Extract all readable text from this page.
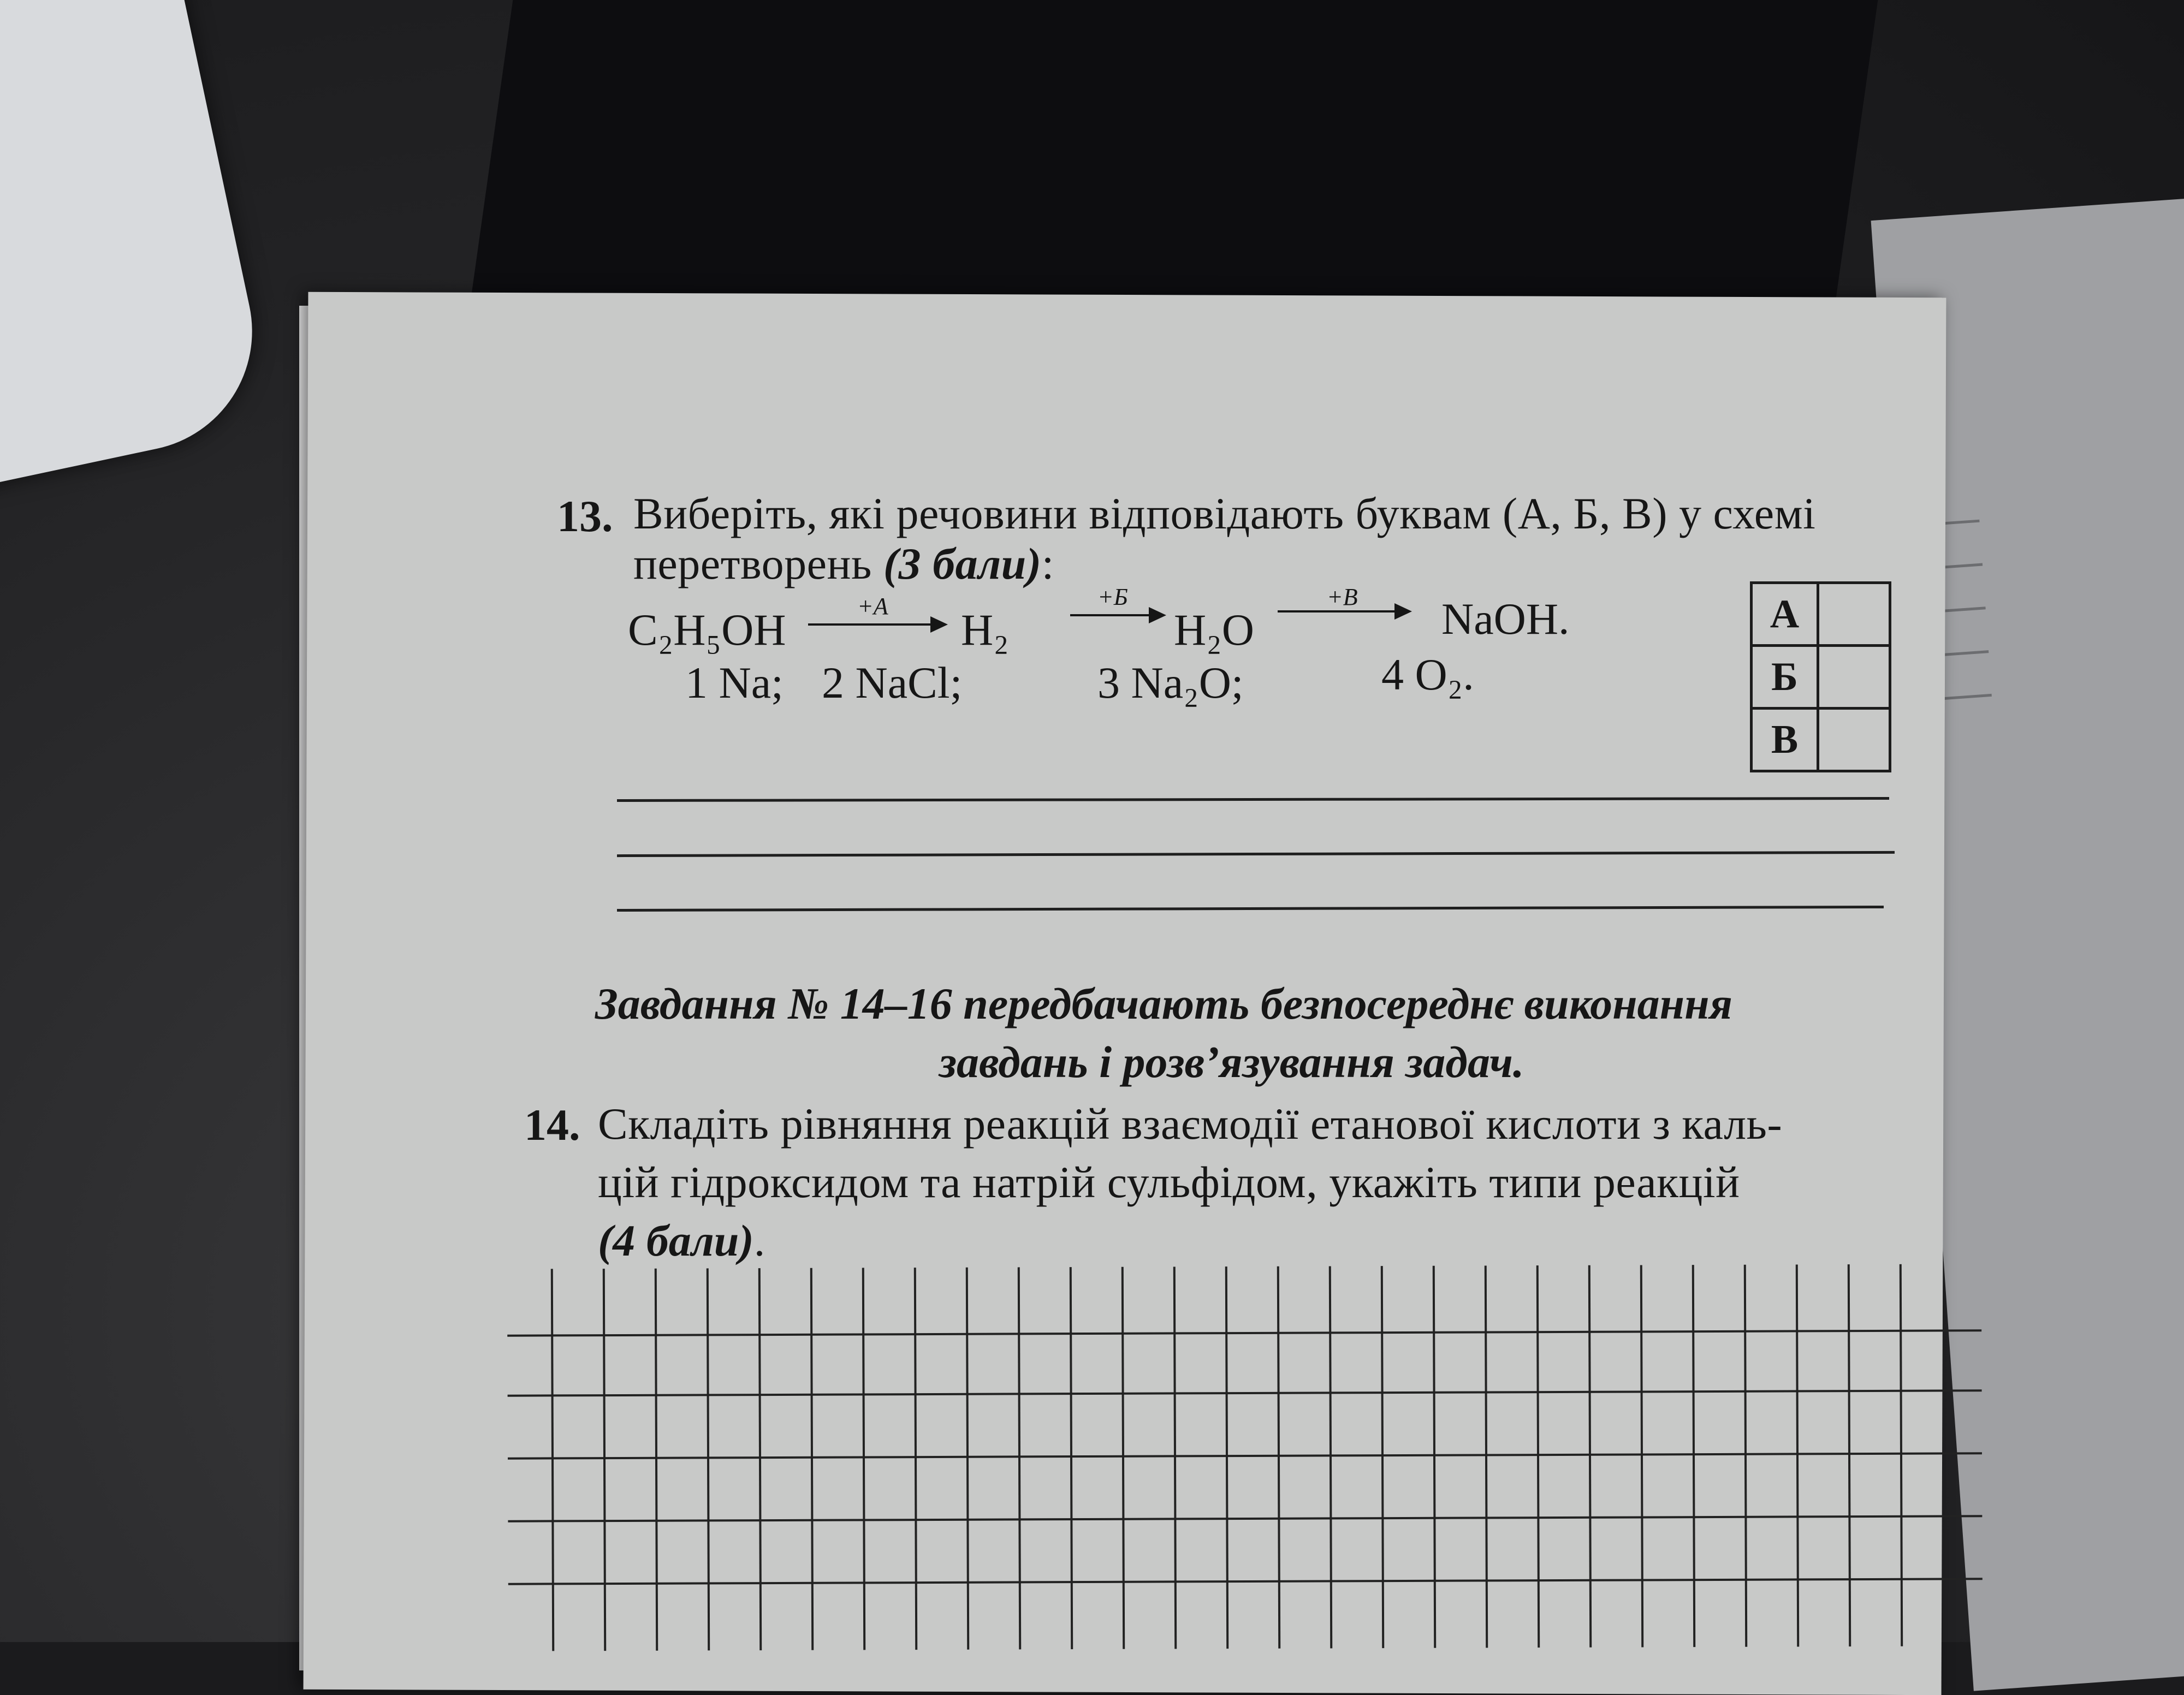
13. Виберіть, які речовини відповідають буквам (А, Б, В) у схемі
перетворень (3 бали):
C₂H₅OH	+А H₂
+Б
H₂O
+В NaOH.
1 Na; 2 NaCl;	3 Na₂O;	4 O₂.
А	
Б	
В	
Завдання № 14–16 передбачають безпосереднє виконання
завдань і розв’язування задач.
14. Складіть рівняння реакцій взаємодії етанової кислоти з каль-
цій гідроксидом та натрій сульфідом, укажіть типи реакцій
(4 бали).
